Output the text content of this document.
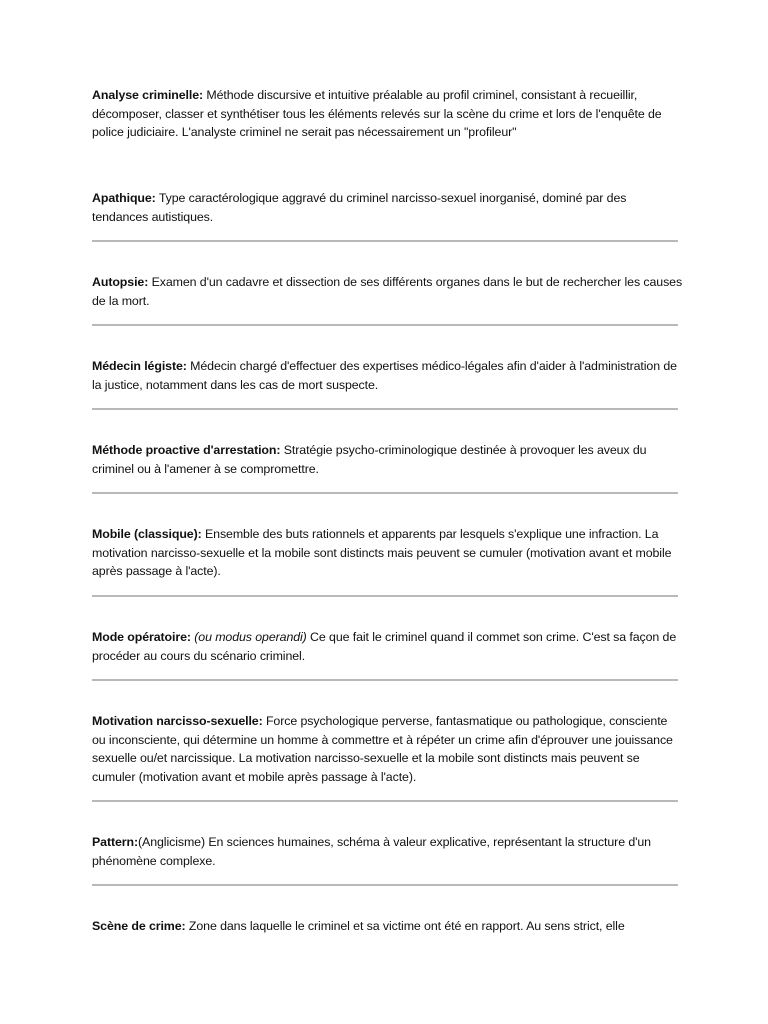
Analyse criminelle: Méthode discursive et intuitive préalable au profil criminel, consistant à recueillir, décomposer, classer et synthétiser tous les éléments relevés sur la scène du crime et lors de l'enquête de police judiciaire. L'analyste criminel ne serait pas nécessairement un "profileur"

Apathique: Type caractérologique aggravé du criminel narcisso-sexuel inorganisé, dominé par des tendances autistiques.

Autopsie: Examen d'un cadavre et dissection de ses différents organes dans le but de rechercher les causes de la mort.

Médecin légiste: Médecin chargé d'effectuer des expertises médico-légales afin d'aider à l'administration de la justice, notamment dans les cas de mort suspecte.

Méthode proactive d'arrestation: Stratégie psycho-criminologique destinée à provoquer les aveux du criminel ou à l'amener à se compromettre.

Mobile (classique): Ensemble des buts rationnels et apparents par lesquels s'explique une infraction. La motivation narcisso-sexuelle et la mobile sont distincts mais peuvent se cumuler (motivation avant et mobile après passage à l'acte).

Mode opératoire: (ou modus operandi) Ce que fait le criminel quand il commet son crime. C'est sa façon de procéder au cours du scénario criminel.

Motivation narcisso-sexuelle: Force psychologique perverse, fantasmatique ou pathologique, consciente ou inconsciente, qui détermine un homme à commettre et à répéter un crime afin d'éprouver une jouissance sexuelle ou/et narcissique. La motivation narcisso-sexuelle et la mobile sont distincts mais peuvent se cumuler (motivation avant et mobile après passage à l'acte).

Pattern:(Anglicisme) En sciences humaines, schéma à valeur explicative, représentant la structure d'un phénomène complexe.

Scène de crime: Zone dans laquelle le criminel et sa victime ont été en rapport. Au sens strict, elle
